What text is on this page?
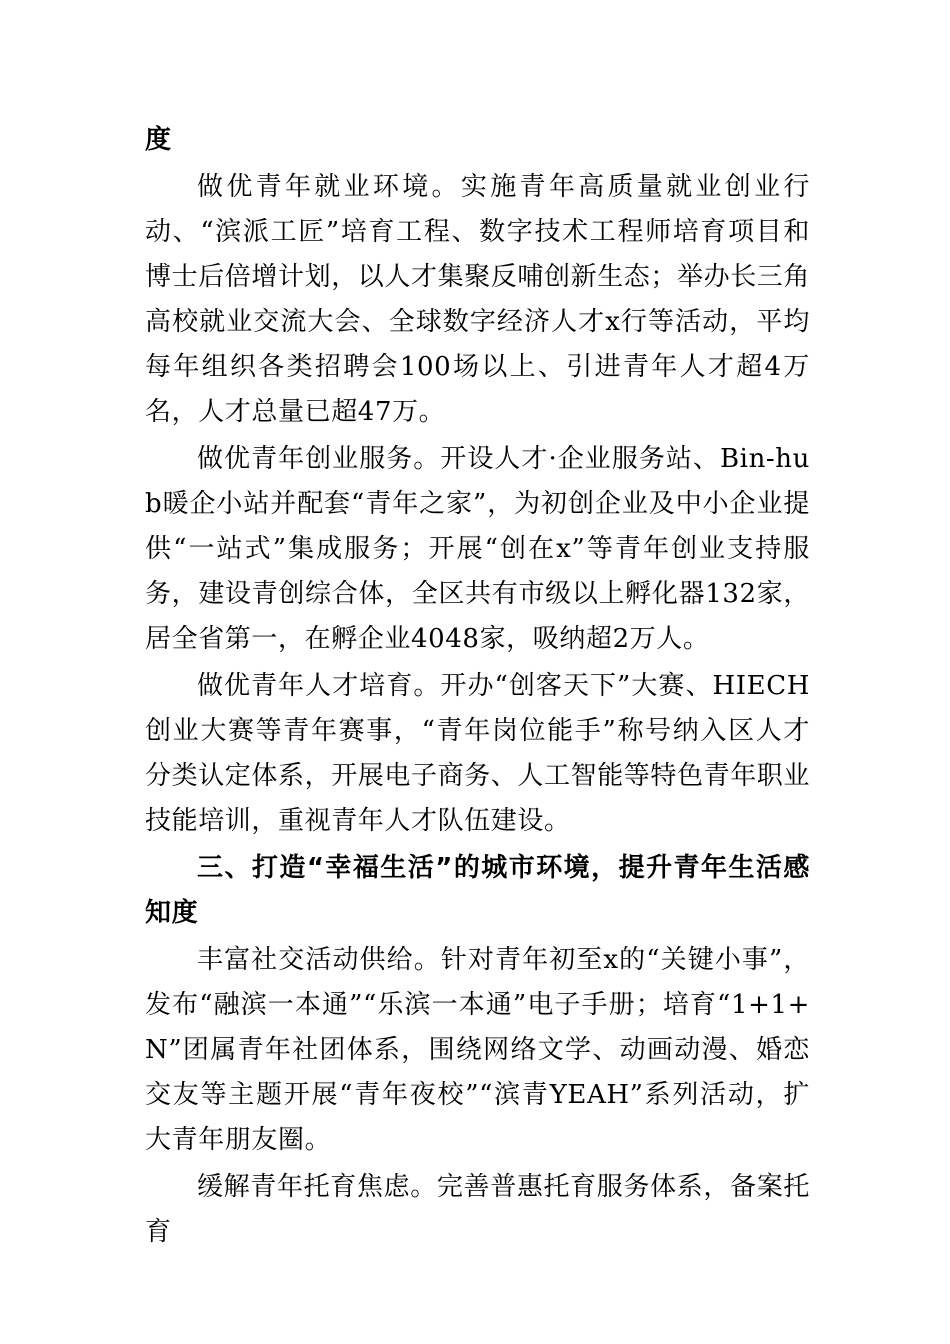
度

做优青年就业环境。实施青年高质量就业创业行动、“滨派工匠”培育工程、数字技术工程师培育项目和博士后倍增计划，以人才集聚反哺创新生态；举办长三角高校就业交流大会、全球数字经济人才x行等活动，平均每年组织各类招聘会100场以上、引进青年人才超4万名，人才总量已超47万。

做优青年创业服务。开设人才·企业服务站、Bin-hub暖企小站并配套“青年之家”，为初创企业及中小企业提供“一站式”集成服务；开展“创在x”等青年创业支持服务，建设青创综合体，全区共有市级以上孵化器132家，居全省第一，在孵企业4048家，吸纳超2万人。

做优青年人才培育。开办“创客天下”大赛、HIECH创业大赛等青年赛事，“青年岗位能手”称号纳入区人才分类认定体系，开展电子商务、人工智能等特色青年职业技能培训，重视青年人才队伍建设。

三、打造“幸福生活”的城市环境，提升青年生活感知度

丰富社交活动供给。针对青年初至x的“关键小事”，发布“融滨一本通”“乐滨一本通”电子手册；培育“1+1+N”团属青年社团体系，围绕网络文学、动画动漫、婚恋交友等主题开展“青年夜校”“滨青YEAH”系列活动，扩大青年朋友圈。

缓解青年托育焦虑。完善普惠托育服务体系，备案托育
